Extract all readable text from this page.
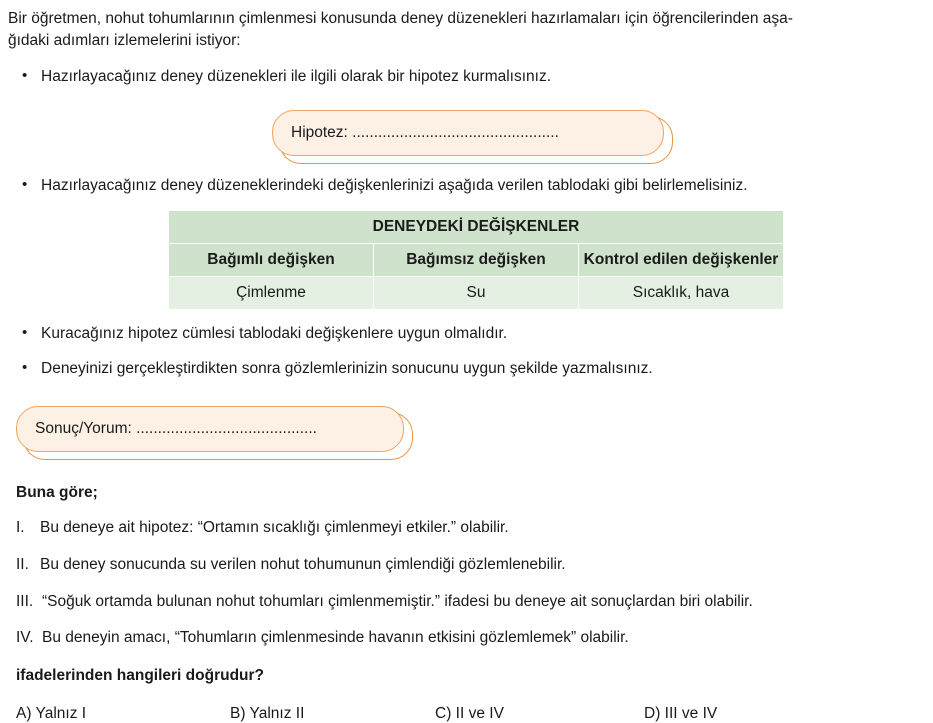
Bir öğretmen, nohut tohumlarının çimlenmesi konusunda deney düzenekleri hazırlamaları için öğrencilerinden aşa-
ğıdaki adımları izlemelerini istiyor:

• Hazırlayacağınız deney düzenekleri ile ilgili olarak bir hipotez kurmalısınız.
Hipotez: ................................................
• Hazırlayacağınız deney düzeneklerindeki değişkenlerinizi aşağıda verilen tablodaki gibi belirlemelisiniz.
DENEYDEKİ DEĞİŞKENLER		
Bağımlı değişken	Bağımsız değişken	Kontrol edilen değişkenler
Çimlenme	Su	Sıcaklık, hava
• Kuracağınız hipotez cümlesi tablodaki değişkenlere uygun olmalıdır.
• Deneyinizi gerçekleştirdikten sonra gözlemlerinizin sonucunu uygun şekilde yazmalısınız.
Sonuç/Yorum: ..........................................
Buna göre;
I. Bu deneye ait hipotez: “Ortamın sıcaklığı çimlenmeyi etkiler.” olabilir.
II. Bu deney sonucunda su verilen nohut tohumunun çimlendiği gözlemlenebilir.
III. “Soğuk ortamda bulunan nohut tohumları çimlenmemiştir.” ifadesi bu deneye ait sonuçlardan biri olabilir.
IV. Bu deneyin amacı, “Tohumların çimlenmesinde havanın etkisini gözlemlemek” olabilir.
ifadelerinden hangileri doğrudur?
A) Yalnız I	B) Yalnız II	C) II ve IV	D) III ve IV
